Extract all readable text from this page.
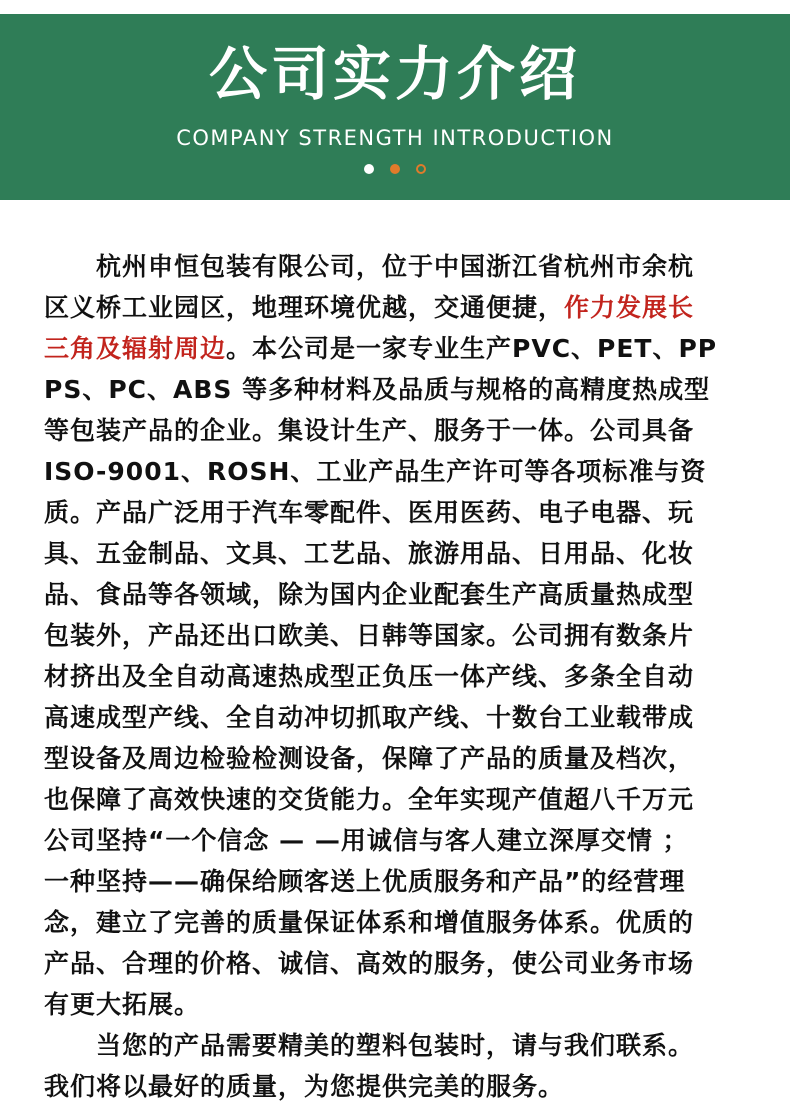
公司实力介绍
COMPANY STRENGTH INTRODUCTION
　　杭州申恒包装有限公司，位于中国浙江省杭州市余杭
区义桥工业园区，地理环境优越，交通便捷，作力发展长
三角及辐射周边。本公司是一家专业生产PVC、PET、PP
PS、PC、ABS 等多种材料及品质与规格的高精度热成型
等包装产品的企业。集设计生产、服务于一体。公司具备
ISO-9001、ROSH、工业产品生产许可等各项标准与资
质。产品广泛用于汽车零配件、医用医药、电子电器、玩
具、五金制品、文具、工艺品、旅游用品、日用品、化妆
品、食品等各领域，除为国内企业配套生产高质量热成型
包装外，产品还出口欧美、日韩等国家。公司拥有数条片
材挤出及全自动高速热成型正负压一体产线、多条全自动
高速成型产线、全自动冲切抓取产线、十数台工业载带成
型设备及周边检验检测设备，保障了产品的质量及档次，
也保障了高效快速的交货能力。全年实现产值超八千万元
公司坚持“一个信念 — —用诚信与客人建立深厚交情 ；
一种坚持——确保给顾客送上优质服务和产品”的经营理
念，建立了完善的质量保证体系和增值服务体系。优质的
产品、合理的价格、诚信、高效的服务，使公司业务市场
有更大拓展。
　　当您的产品需要精美的塑料包装时，请与我们联系。
我们将以最好的质量，为您提供完美的服务。
